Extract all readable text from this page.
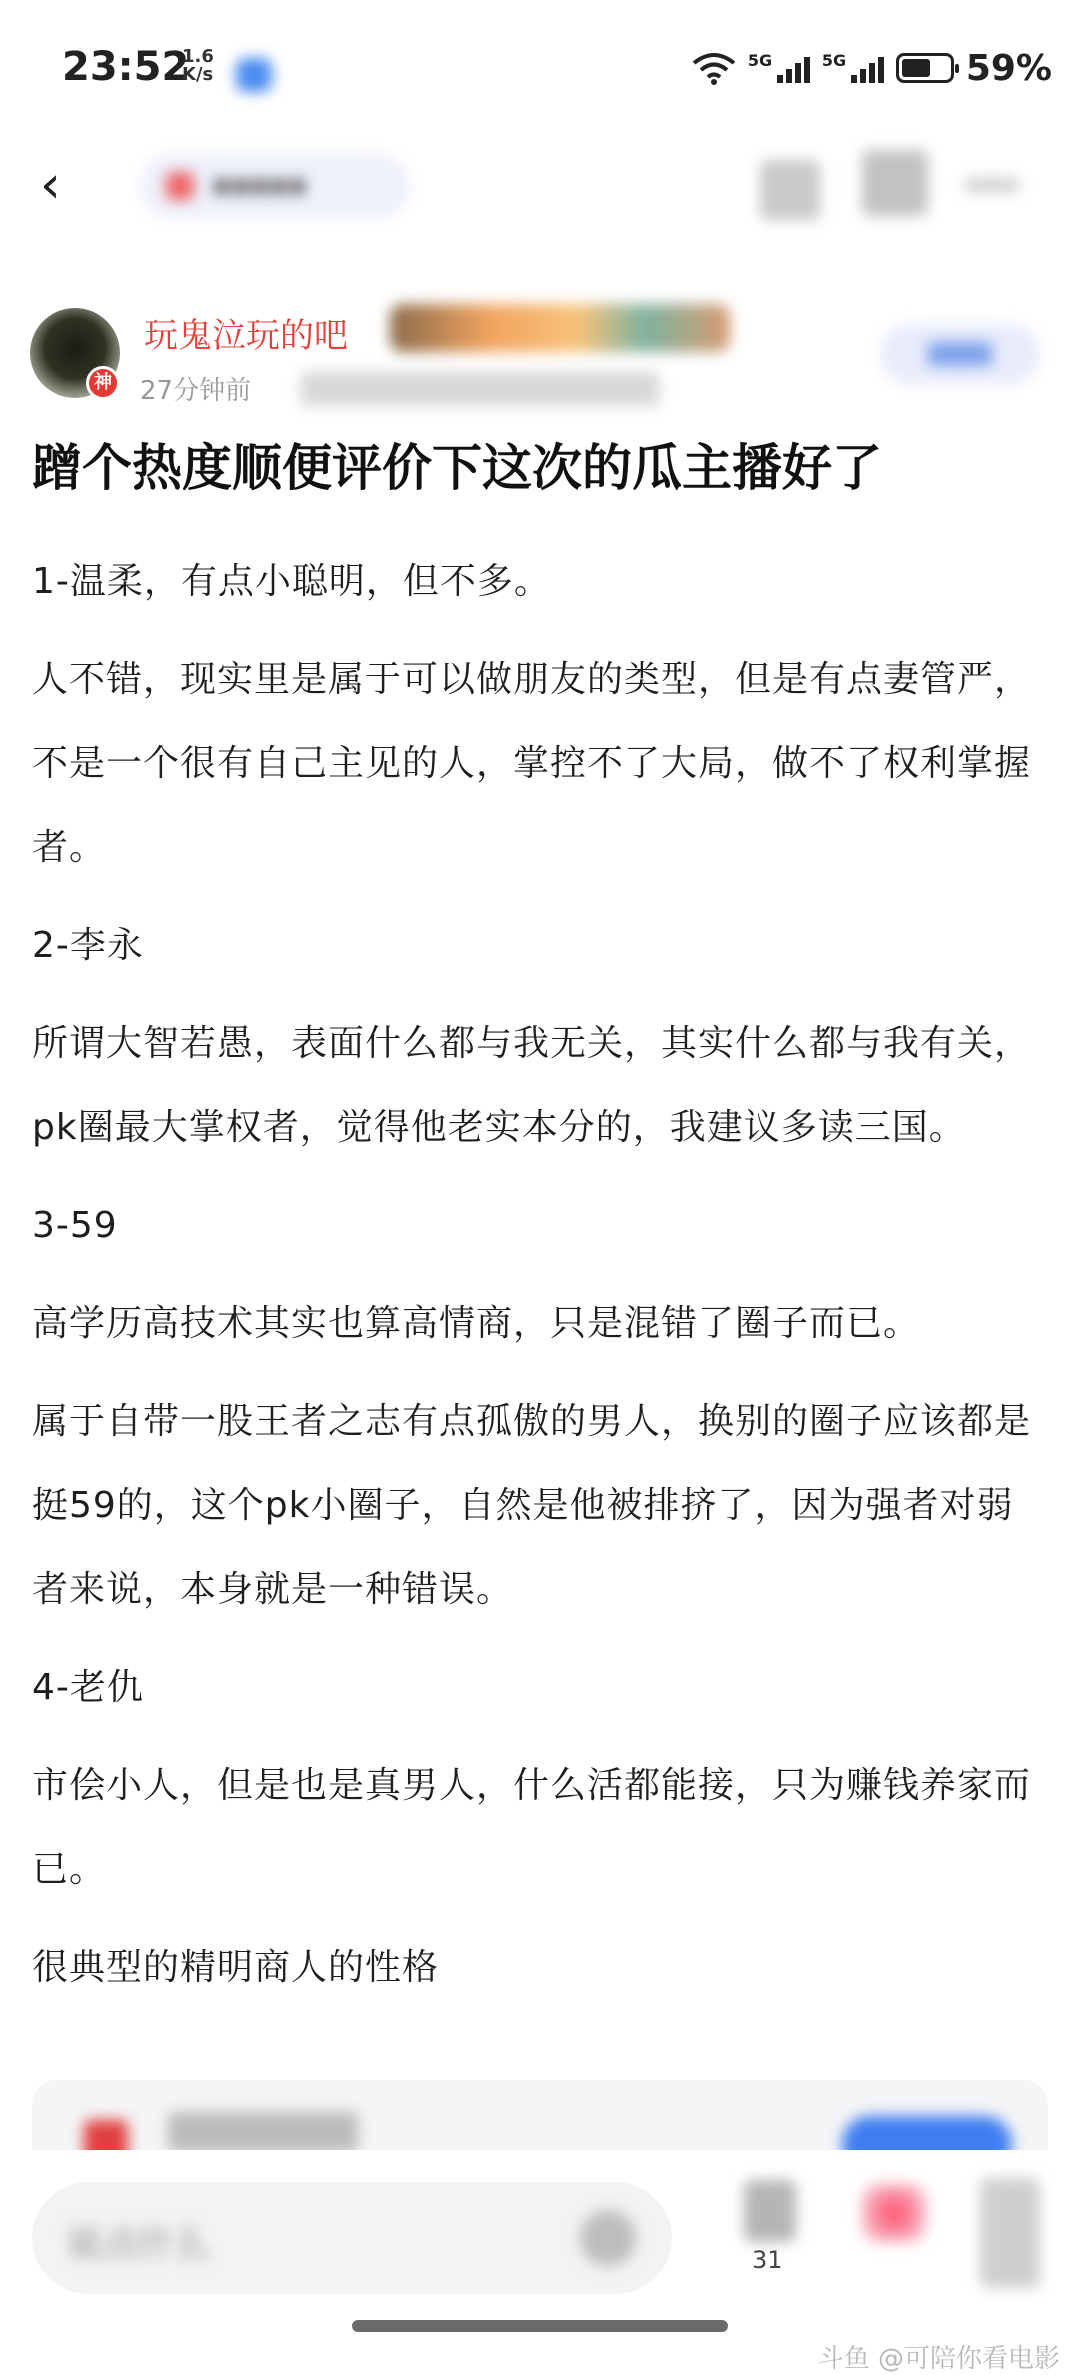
23:52
1.6
K/s
5G	5G	59%
‹	▪▪▪▪▪
神
玩鬼泣玩的吧
27分钟前
蹭个热度顺便评价下这次的瓜主播好了

1-温柔，有点小聪明，但不多。

人不错，现实里是属于可以做朋友的类型，但是有点妻管严，不是一个很有自己主见的人，掌控不了大局，做不了权利掌握者。

2-李永

所谓大智若愚，表面什么都与我无关，其实什么都与我有关，pk圈最大掌权者，觉得他老实本分的，我建议多读三国。

3-59

高学历高技术其实也算高情商，只是混错了圈子而已。

属于自带一股王者之志有点孤傲的男人，换别的圈子应该都是挺59的，这个pk小圈子，自然是他被排挤了，因为强者对弱者来说，本身就是一种错误。

4-老仇

市侩小人，但是也是真男人，什么活都能接，只为赚钱养家而已。

很典型的精明商人的性格

说点什么	31
斗鱼 @可陪你看电影
